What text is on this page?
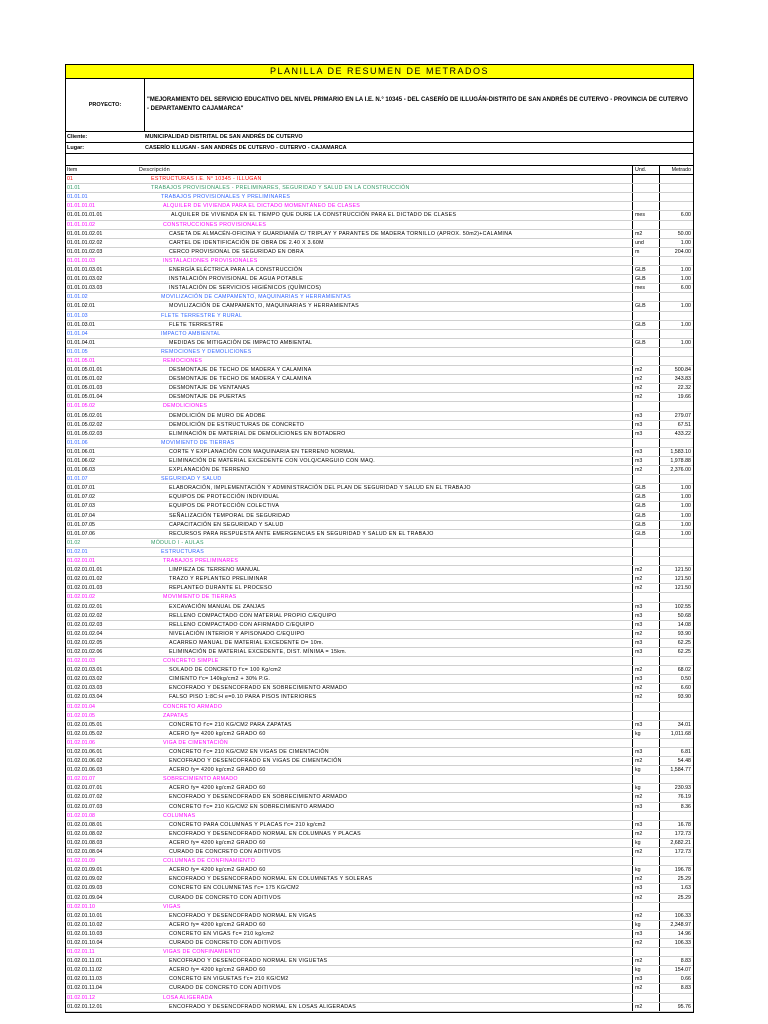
PLANILLA DE RESUMEN DE METRADOS
PROYECTO:
"MEJORAMIENTO DEL SERVICIO EDUCATIVO DEL NIVEL PRIMARIO EN LA I.E. N.° 10345 - DEL CASERÍO DE ILLUGÁN-DISTRITO DE SAN ANDRÉS DE CUTERVO - PROVINCIA DE CUTERVO - DEPARTAMENTO CAJAMARCA"
Cliente:	MUNICIPALIDAD DISTRITAL DE SAN ANDRÉS DE CUTERVO
Lugar:	CASERÍO ILLUGAN - SAN ANDRÉS DE CUTERVO - CUTERVO - CAJAMARCA
Item	Descripción	Und.	Metrado
01	ESTRUCTURAS I.E. N° 10345 - ILLUGAN
01.01	TRABAJOS PROVISIONALES - PRELIMINARES, SEGURIDAD Y SALUD EN LA CONSTRUCCIÓN
01.01.01	TRABAJOS PROVISIONALES Y PRELIMINARES
01.01.01.01	ALQUILER DE VIVIENDA PARA EL DICTADO MOMENTÁNEO DE CLASES
01.01.01.01.01	ALQUILER DE VIVIENDA EN EL TIEMPO QUE DURE LA CONSTRUCCIÓN PARA EL DICTADO DE CLASES	mes	6.00
01.01.01.02	CONSTRUCCIONES PROVISIONALES
01.01.01.02.01	CASETA DE ALMACÉN-OFICINA Y GUARDIANÍA C/ TRIPLAY Y PARANTES DE MADERA TORNILLO (APROX. 50m2)+CALAMINA	m2	50.00
01.01.01.02.02	CARTEL DE IDENTIFICACIÓN DE OBRA DE 2.40 X 3.60M	und	1.00
01.01.01.02.03	CERCO PROVISIONAL DE SEGURIDAD EN OBRA	m	204.00
01.01.01.03	INSTALACIONES PROVISIONALES
01.01.01.03.01	ENERGÍA ELÉCTRICA PARA LA CONSTRUCCIÓN	GLB	1.00
01.01.01.03.02	INSTALACIÓN PROVISIONAL DE AGUA POTABLE	GLB	1.00
01.01.01.03.03	INSTALACIÓN DE SERVICIOS HIGIÉNICOS (QUÍMICOS)	mes	6.00
01.01.02	MOVILIZACIÓN DE CAMPAMENTO, MAQUINARIAS Y HERRAMIENTAS
01.01.02.01	MOVILIZACIÓN DE CAMPAMENTO, MAQUINARIAS Y HERRAMIENTAS	GLB	1.00
01.01.03	FLETE TERRESTRE Y RURAL
01.01.03.01	FLETE TERRESTRE	GLB	1.00
01.01.04	IMPACTO AMBIENTAL
01.01.04.01	MEDIDAS DE MITIGACIÓN DE IMPACTO AMBIENTAL	GLB	1.00
01.01.05	REMOCIONES Y DEMOLICIONES
01.01.05.01	REMOCIONES
01.01.05.01.01	DESMONTAJE DE TECHO DE MADERA Y CALAMINA	m2	500.84
01.01.05.01.02	DESMONTAJE DE TECHO DE MADERA Y CALAMINA	m2	343.83
01.01.05.01.03	DESMONTAJE DE VENTANAS	m2	22.32
01.01.05.01.04	DESMONTAJE DE PUERTAS	m2	19.66
01.01.05.02	DEMOLICIONES
01.01.05.02.01	DEMOLICIÓN DE MURO DE ADOBE	m3	279.07
01.01.05.02.02	DEMOLICIÓN DE ESTRUCTURAS DE CONCRETO	m3	67.51
01.01.05.02.03	ELIMINACIÓN DE MATERIAL DE DEMOLICIONES EN BOTADERO	m3	433.22
01.01.06	MOVIMIENTO DE TIERRAS
01.01.06.01	CORTE Y EXPLANACIÓN CON MAQUINARIA EN TERRENO NORMAL	m3	1,583.10
01.01.06.02	ELIMINACIÓN DE MATERIAL EXCEDENTE CON VOLQ/CARGUIO CON MAQ.	m3	1,978.88
01.01.06.03	EXPLANACIÓN DE TERRENO	m2	2,376.00
01.01.07	SEGURIDAD Y SALUD
01.01.07.01	ELABORACIÓN, IMPLEMENTACIÓN Y ADMINISTRACIÓN DEL PLAN DE SEGURIDAD Y SALUD EN EL TRABAJO	GLB	1.00
01.01.07.02	EQUIPOS DE PROTECCIÓN INDIVIDUAL	GLB	1.00
01.01.07.03	EQUIPOS DE PROTECCIÓN COLECTIVA	GLB	1.00
01.01.07.04	SEÑALIZACIÓN TEMPORAL DE SEGURIDAD	GLB	1.00
01.01.07.05	CAPACITACIÓN EN SEGURIDAD Y SALUD	GLB	1.00
01.01.07.06	RECURSOS PARA RESPUESTA ANTE EMERGENCIAS EN SEGURIDAD Y SALUD EN EL TRABAJO	GLB	1.00
01.02	MÓDULO I - AULAS
01.02.01	ESTRUCTURAS
01.02.01.01	TRABAJOS PRELIMINARES
01.02.01.01.01	LIMPIEZA DE TERRENO MANUAL	m2	121.50
01.02.01.01.02	TRAZO Y REPLANTEO PRELIMINAR	m2	121.50
01.02.01.01.03	REPLANTEO DURANTE EL PROCESO	m2	121.50
01.02.01.02	MOVIMIENTO DE TIERRAS
01.02.01.02.01	EXCAVACIÓN MANUAL DE ZANJAS	m3	102.55
01.02.01.02.02	RELLENO COMPACTADO CON MATERIAL PROPIO C/EQUIPO	m3	50.68
01.02.01.02.03	RELLENO COMPACTADO CON AFIRMADO C/EQUIPO	m3	14.08
01.02.01.02.04	NIVELACIÓN INTERIOR Y APISONADO C/EQUIPO	m2	93.90
01.02.01.02.05	ACARREO MANUAL DE MATERIAL EXCEDENTE D= 10m.	m3	62.25
01.02.01.02.06	ELIMINACIÓN DE MATERIAL EXCEDENTE, DIST. MÍNIMA = 15km.	m3	62.25
01.02.01.03	CONCRETO SIMPLE
01.02.01.03.01	SOLADO DE CONCRETO f'c= 100 Kg/cm2	m2	68.02
01.02.01.03.02	CIMIENTO f'c= 140kg/cm2 + 30% P.G.	m3	0.50
01.02.01.03.03	ENCOFRADO Y DESENCOFRADO EN SOBRECIMIENTO ARMADO	m2	6.60
01.02.01.03.04	FALSO PISO 1:8C:H e=0.10 PARA PISOS INTERIORES	m2	93.90
01.02.01.04	CONCRETO ARMADO
01.02.01.05	ZAPATAS
01.02.01.05.01	CONCRETO f'c= 210 KG/CM2 PARA ZAPATAS	m3	34.01
01.02.01.05.02	ACERO fy= 4200 kg/cm2 GRADO 60	kg	1,011.68
01.02.01.06	VIGA DE CIMENTACIÓN
01.02.01.06.01	CONCRETO f'c= 210 KG/CM2 EN VIGAS DE CIMENTACIÓN	m3	6.81
01.02.01.06.02	ENCOFRADO Y DESENCOFRADO EN VIGAS DE CIMENTACIÓN	m2	54.48
01.02.01.06.03	ACERO fy= 4200 kg/cm2 GRADO 60	kg	1,584.77
01.02.01.07	SOBRECIMIENTO ARMADO
01.02.01.07.01	ACERO fy= 4200 kg/cm2 GRADO 60	kg	230.93
01.02.01.07.02	ENCOFRADO Y DESENCOFRADO EN SOBRECIMIENTO ARMADO	m2	76.19
01.02.01.07.03	CONCRETO f'c= 210 KG/CM2 EN SOBRECIMIENTO ARMADO	m3	8.36
01.02.01.08	COLUMNAS
01.02.01.08.01	CONCRETO PARA COLUMNAS Y PLACAS f'c= 210 kg/cm2	m3	16.78
01.02.01.08.02	ENCOFRADO Y DESENCOFRADO NORMAL EN COLUMNAS Y PLACAS	m2	172.73
01.02.01.08.03	ACERO fy= 4200 kg/cm2 GRADO 60	kg	2,682.21
01.02.01.08.04	CURADO DE CONCRETO CON ADITIVOS	m2	172.73
01.02.01.09	COLUMNAS DE CONFINAMIENTO
01.02.01.09.01	ACERO fy= 4200 kg/cm2 GRADO 60	kg	196.78
01.02.01.09.02	ENCOFRADO Y DESENCOFRADO NORMAL EN COLUMNETAS Y SOLERAS	m2	25.29
01.02.01.09.03	CONCRETO EN COLUMNETAS f'c= 175 KG/CM2	m3	1.63
01.02.01.09.04	CURADO DE CONCRETO CON ADITIVOS	m2	25.29
01.02.01.10	VIGAS
01.02.01.10.01	ENCOFRADO Y DESENCOFRADO NORMAL EN VIGAS	m2	106.33
01.02.01.10.02	ACERO fy= 4200 kg/cm2 GRADO 60	kg	2,348.97
01.02.01.10.03	CONCRETO EN VIGAS f'c= 210 kg/cm2	m3	14.96
01.02.01.10.04	CURADO DE CONCRETO CON ADITIVOS	m2	106.33
01.02.01.11	VIGAS DE CONFINAMIENTO
01.02.01.11.01	ENCOFRADO Y DESENCOFRADO NORMAL EN VIGUETAS	m2	8.83
01.02.01.11.02	ACERO fy= 4200 kg/cm2 GRADO 60	kg	154.07
01.02.01.11.03	CONCRETO EN VIGUETAS f'c= 210 KG/CM2	m3	0.66
01.02.01.11.04	CURADO DE CONCRETO CON ADITIVOS	m2	8.83
01.02.01.12	LOSA ALIGERADA
01.02.01.12.01	ENCOFRADO Y DESENCOFRADO NORMAL EN LOSAS ALIGERADAS	m2	95.76
